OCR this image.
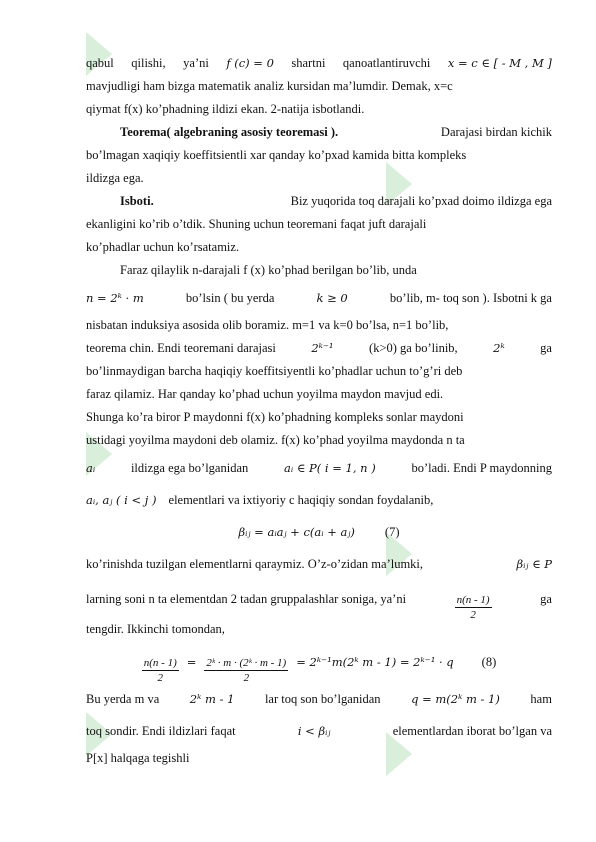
qabul qilishi, ya’ni f (c) = 0 shartni qanoatlantiruvchi x = c ∈ [ - M , M ]
mavjudligi ham bizga matematik analiz kursidan ma’lumdir. Demak, x=c
qiymat f(x) ko’phadning ildizi ekan. 2-natija isbotlandi.
Teorema( algebraning asosiy teoremasi ).	Darajasi birdan kichik
bo’lmagan xaqiqiy koeffitsientli xar qanday ko’pxad kamida bitta kompleks
ildizga ega.
Isboti.	Biz yuqorida toq darajali ko’pxad doimo ildizga ega
ekanligini ko’rib o’tdik. Shuning uchun teoremani faqat juft darajali
ko’phadlar uchun ko’rsatamiz.
Faraz qilaylik n-darajali f (x) ko’phad berilgan bo’lib, unda
n = 2ᵏ · m	bo’lsin ( bu yerda	k ≥ 0	bo’lib, m- toq son ). Isbotni k ga
nisbatan induksiya asosida olib boramiz. m=1 va k=0 bo’lsa, n=1 bo’lib,
teorema chin. Endi teoremani darajasi	2ᵏ⁻¹	(k>0) ga bo’linib,	2ᵏ	ga
bo’linmaydigan barcha haqiqiy koeffitsiyentli ko’phadlar uchun to’g’ri deb
faraz qilamiz. Har qanday ko’phad uchun yoyilma maydon mavjud edi.
Shunga ko’ra biror P maydonni f(x) ko’phadning kompleks sonlar maydoni
ustidagi yoyilma maydoni deb olamiz. f(x) ko’phad yoyilma maydonda n ta
aᵢ	ildizga ega bo’lganidan	aᵢ ∈ P( i = 1, n )	bo’ladi. Endi P maydonning
aᵢ, aⱼ ( i < j ) elementlari va ixtiyoriy c haqiqiy sondan foydalanib,
βᵢⱼ = aᵢaⱼ + c(aᵢ + aⱼ) (7)
ko’rinishda tuzilgan elementlarni qaraymiz. O’z-o’zidan ma’lumki,	βᵢⱼ ∈ P
larning soni n ta elementdan 2 tadan gruppalashlar soniga, ya’ni	$\frac{n(n - 1)}{2}$	ga
tengdir. Ikkinchi tomondan,
$\frac{n(n - 1)}{2} = \frac{\text{2ᵏ · m · (2ᵏ · m - 1)}}{2}$ = 2ᵏ⁻¹m(2ᵏ m - 1) = 2ᵏ⁻¹ · q (8)
Bu yerda m va	2ᵏ m - 1 lar toq son bo’lganidan	q = m(2ᵏ m - 1) ham
toq sondir. Endi ildizlari faqat	i < βᵢⱼ	elementlardan iborat bo’lgan va
P[x] halqaga tegishli
